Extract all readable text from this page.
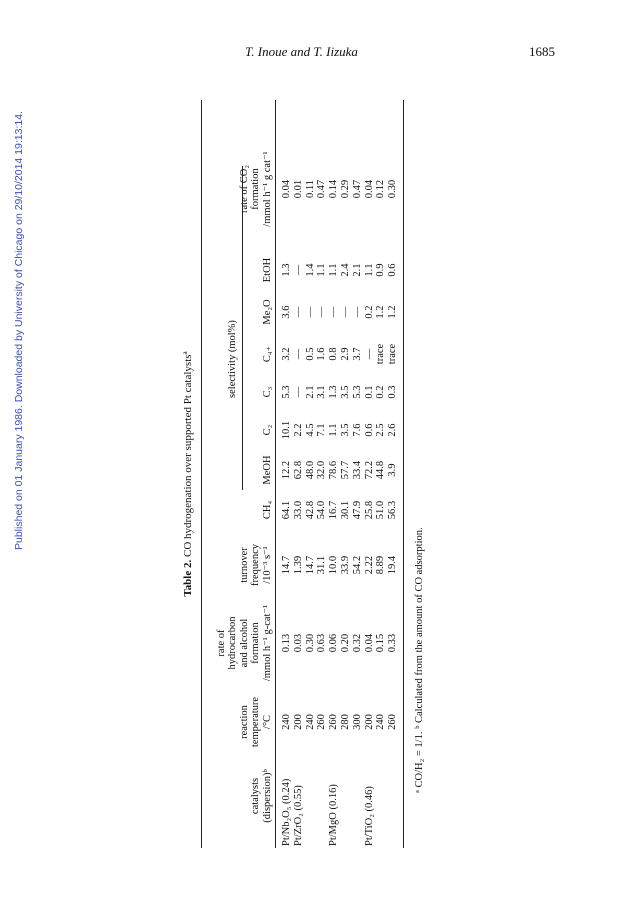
T. Inoue and T. Iizuka	1685
Published on 01 January 1986. Downloaded by University of Chicago on 29/10/2014 19:13:14.
Table 2. CO hydrogenation over supported Pt catalysts$^a$
catalysts (dispersion)ᵇ
reaction temperature /°C
rate of hydrocarbon and alcohol formation /mmol h⁻¹ g-cat⁻¹
turnover frequency /10⁻³ s⁻¹
CH₄
MeOH
C₂
C₃
C₄₊
Me₂O
EtOH
rate of CO₂ formation /mmol h⁻¹ g cat⁻¹
selectivity (mol%)
Pt/Nb₂O₅ (0.24)
240
0.13
14.7
64.1
12.2
10.1
5.3
3.2
3.6
1.3
0.04
Pt/ZrO₂ (0.55)
200
0.03
1.39
33.0
62.8
2.2
—
—
—
—
0.01
240
0.30
14.7
42.8
48.0
4.5
2.1
0.5
—
1.4
0.11
260
0.63
31.1
54.0
32.0
7.1
3.1
1.6
—
1.1
0.47
Pt/MgO (0.16)
260
0.06
10.0
16.7
78.6
1.1
1.3
0.8
—
1.1
0.14
280
0.20
33.9
30.1
57.7
3.5
3.5
2.9
—
2.4
0.29
300
0.32
54.2
47.9
33.4
7.6
5.3
3.7
—
2.1
0.47
Pt/TiO₂ (0.46)
200
0.04
2.22
25.8
72.2
0.6
0.1
—
0.2
1.1
0.04
240
0.15
8.89
51.0
44.8
2.5
0.2
trace
1.2
0.9
0.12
260
0.33
19.4
56.3
3.9
2.6
0.3
trace
1.2
0.6
0.30
ᵃ CO/H₂ = 1/1. ᵇ Calculated from the amount of CO adsorption.
